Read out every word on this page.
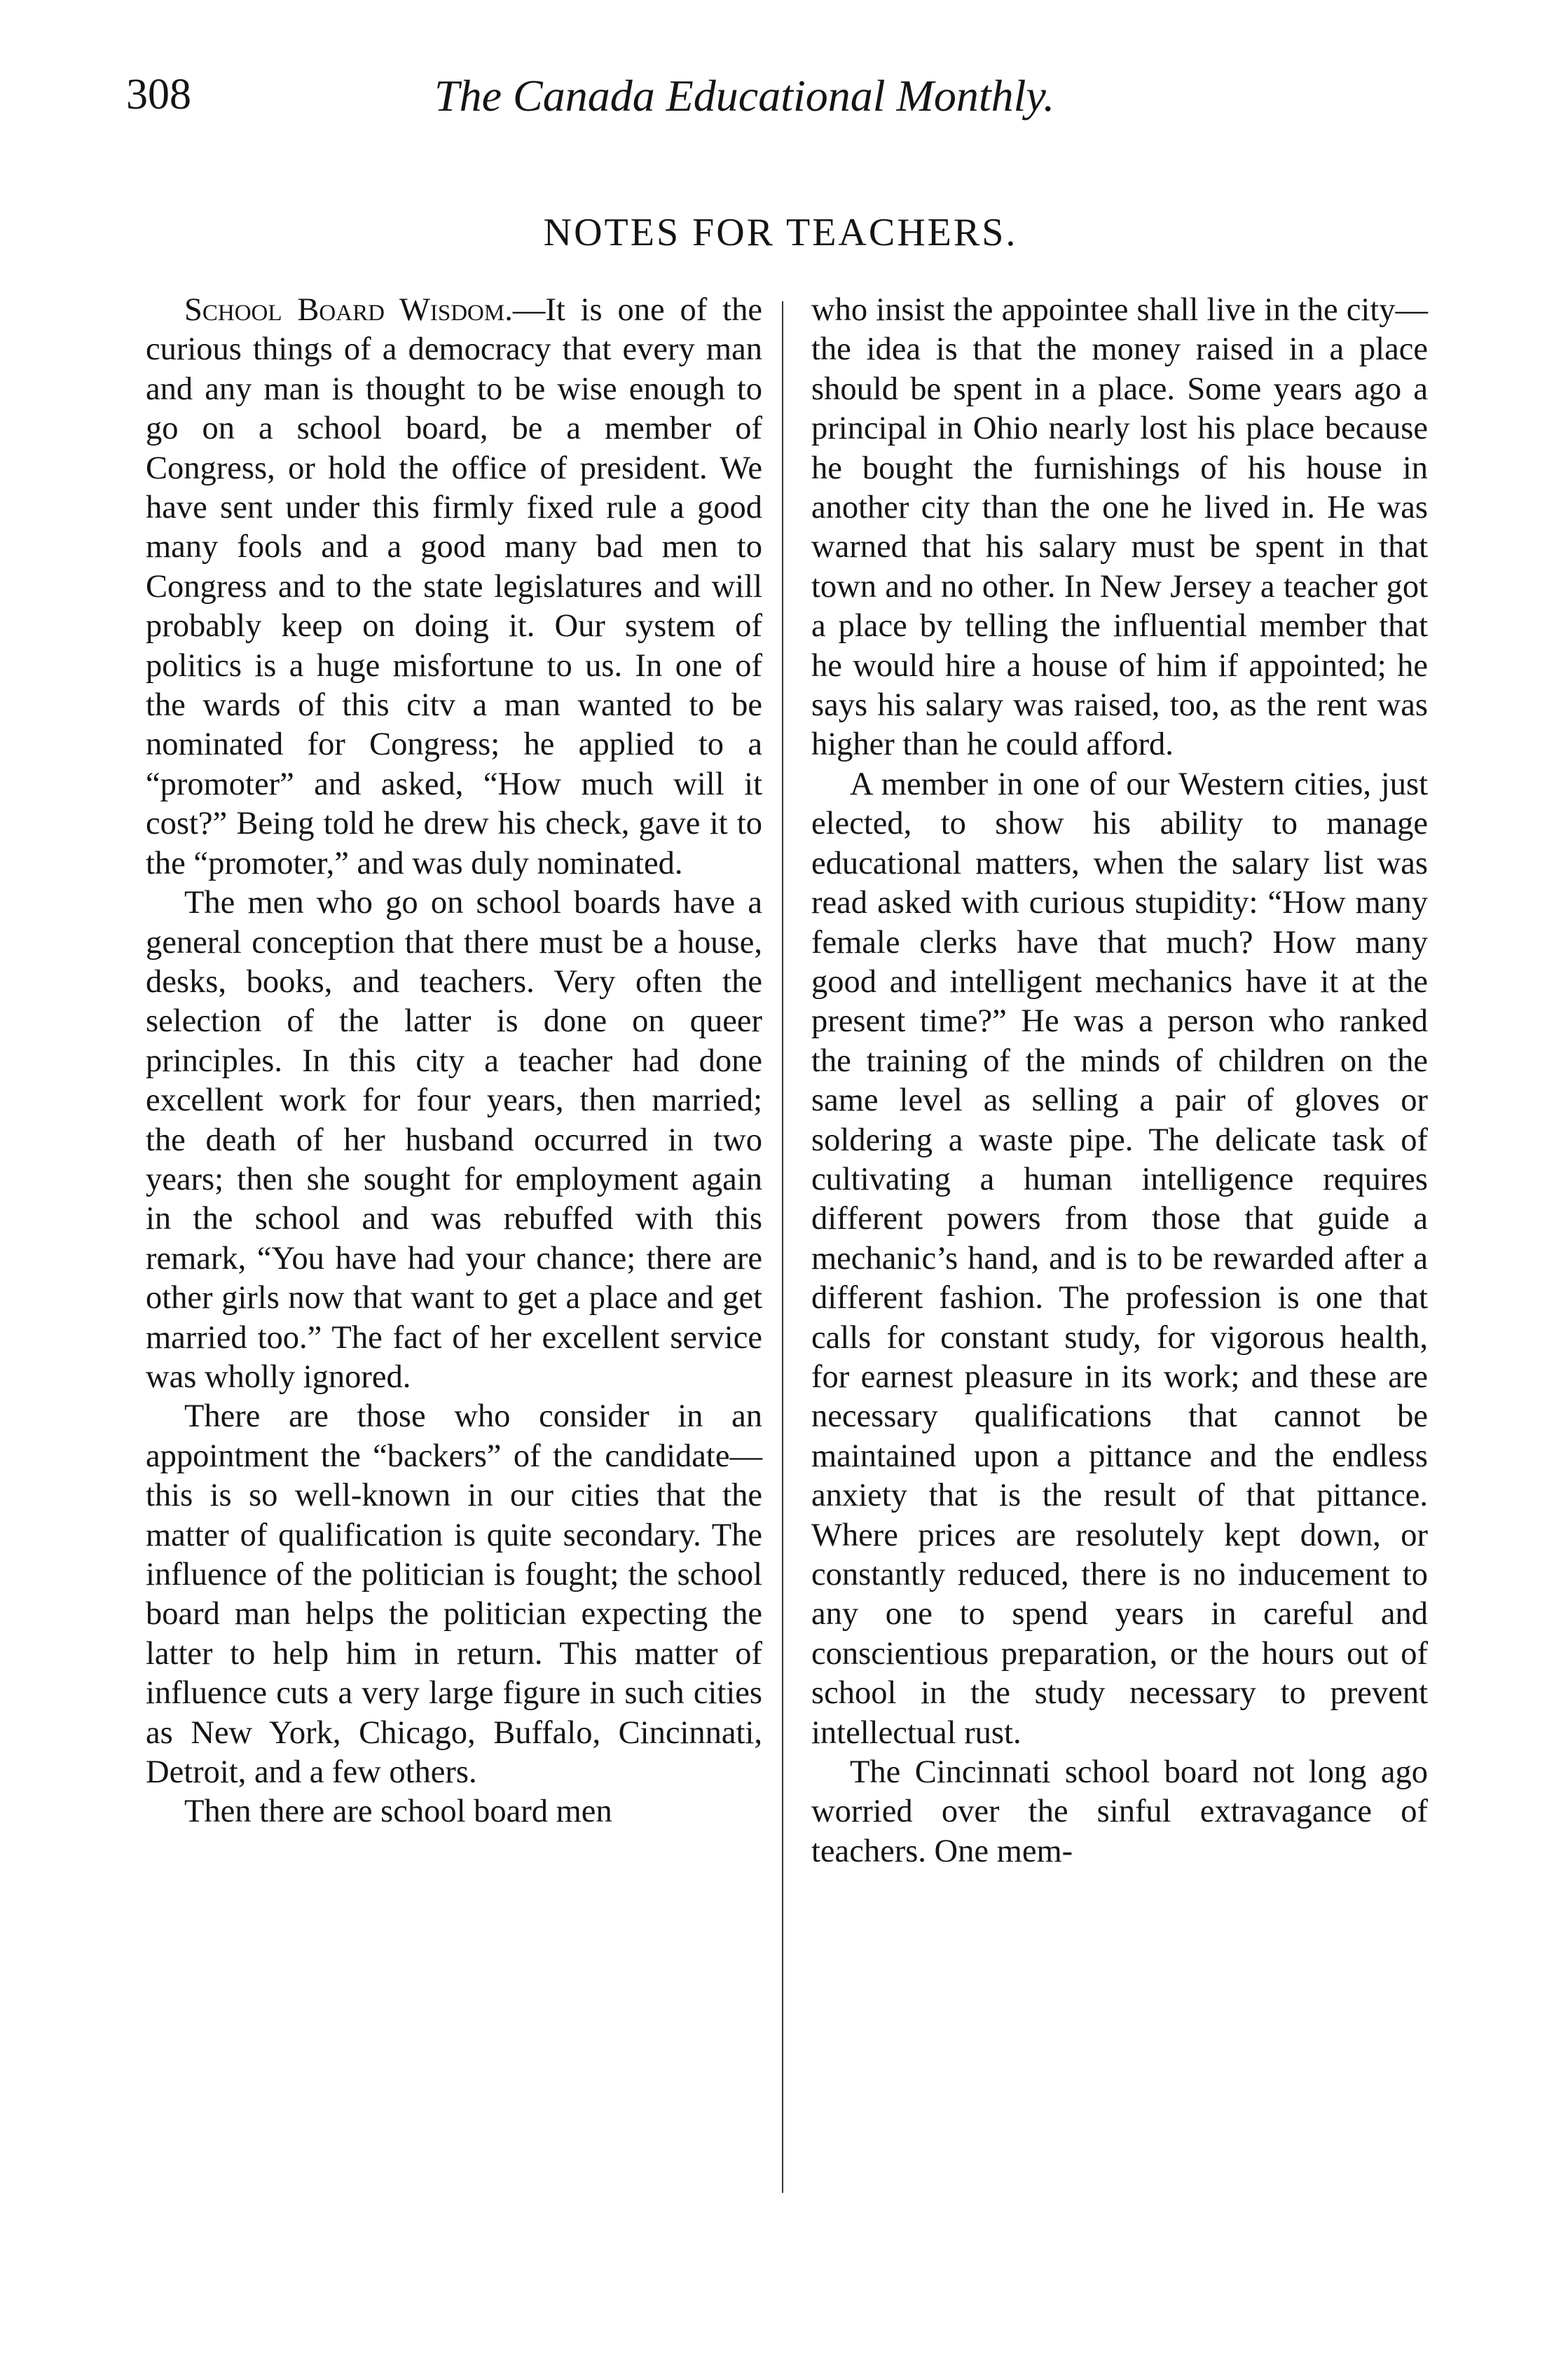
308	The Canada Educational Monthly.
NOTES FOR TEACHERS.

School Board Wisdom.—It is one of the curious things of a democracy that every man and any man is thought to be wise enough to go on a school board, be a member of Congress, or hold the office of president. We have sent under this firmly fixed rule a good many fools and a good many bad men to Congress and to the state legislatures and will probably keep on doing it. Our system of politics is a huge misfortune to us. In one of the wards of this citv a man wanted to be nominated for Congress; he applied to a “promoter” and asked, “How much will it cost?” Being told he drew his check, gave it to the “promoter,” and was duly nominated.

The men who go on school boards have a general conception that there must be a house, desks, books, and teachers. Very often the selection of the latter is done on queer principles. In this city a teacher had done excellent work for four years, then married; the death of her husband occurred in two years; then she sought for employment again in the school and was rebuffed with this remark, “You have had your chance; there are other girls now that want to get a place and get married too.” The fact of her excellent service was wholly ignored.

There are those who consider in an appointment the “backers” of the candidate—this is so well-known in our cities that the matter of qualification is quite secondary. The influence of the politician is fought; the school board man helps the politician expecting the latter to help him in return. This matter of influence cuts a very large figure in such cities as New York, Chicago, Buffalo, Cincinnati, Detroit, and a few others.

Then there are school board men

who insist the appointee shall live in the city—the idea is that the money raised in a place should be spent in a place. Some years ago a principal in Ohio nearly lost his place because he bought the furnishings of his house in another city than the one he lived in. He was warned that his salary must be spent in that town and no other. In New Jersey a teacher got a place by telling the influential member that he would hire a house of him if appointed; he says his salary was raised, too, as the rent was higher than he could afford.

A member in one of our Western cities, just elected, to show his ability to manage educational matters, when the salary list was read asked with curious stupidity: “How many female clerks have that much? How many good and intelligent mechanics have it at the present time?” He was a person who ranked the training of the minds of children on the same level as selling a pair of gloves or soldering a waste pipe. The delicate task of cultivating a human intelligence requires different powers from those that guide a mechanic’s hand, and is to be rewarded after a different fashion. The profession is one that calls for constant study, for vigorous health, for earnest pleasure in its work; and these are necessary qualifications that cannot be maintained upon a pittance and the endless anxiety that is the result of that pittance. Where prices are resolutely kept down, or constantly reduced, there is no inducement to any one to spend years in careful and conscientious preparation, or the hours out of school in the study necessary to prevent intellectual rust.

The Cincinnati school board not long ago worried over the sinful extravagance of teachers. One mem-
